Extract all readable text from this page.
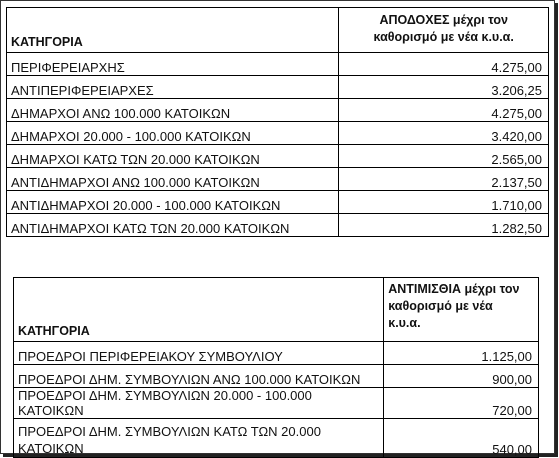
ΚΑΤΗΓΟΡΙΑ	ΑΠΟΔΟΧΕΣ μέχρι τον
καθορισμό με νέα κ.υ.α.

ΠΕΡΙΦΕΡΕΙΑΡΧΗΣ	4.275,00
ΑΝΤΙΠΕΡΙΦΕΡΕΙΑΡΧΕΣ	3.206,25
ΔΗΜΑΡΧΟΙ ΑΝΩ 100.000 ΚΑΤΟΙΚΩΝ	4.275,00
ΔΗΜΑΡΧΟΙ 20.000 - 100.000 ΚΑΤΟΙΚΩΝ	3.420,00
ΔΗΜΑΡΧΟΙ ΚΑΤΩ ΤΩΝ 20.000 ΚΑΤΟΙΚΩΝ	2.565,00
ΑΝΤΙΔΗΜΑΡΧΟΙ ΑΝΩ 100.000 ΚΑΤΟΙΚΩΝ	2.137,50
ΑΝΤΙΔΗΜΑΡΧΟΙ 20.000 - 100.000 ΚΑΤΟΙΚΩΝ	1.710,00
ΑΝΤΙΔΗΜΑΡΧΟΙ ΚΑΤΩ ΤΩΝ 20.000 ΚΑΤΟΙΚΩΝ	1.282,50
ΚΑΤΗΓΟΡΙΑ	ΑΝΤΙΜΙΣΘΙΑ μέχρι τον
καθορισμό με νέα
κ.υ.α.

ΠΡΟΕΔΡΟΙ ΠΕΡΙΦΕΡΕΙΑΚΟΥ ΣΥΜΒΟΥΛΙΟΥ	1.125,00
ΠΡΟΕΔΡΟΙ ΔΗΜ. ΣΥΜΒΟΥΛΙΩΝ ΑΝΩ 100.000 ΚΑΤΟΙΚΩΝ	900,00
ΠΡΟΕΔΡΟΙ ΔΗΜ. ΣΥΜΒΟΥΛΙΩΝ 20.000 - 100.000 ΚΑΤΟΙΚΩΝ	720,00

ΠΡΟΕΔΡΟΙ ΔΗΜ. ΣΥΜΒΟΥΛΙΩΝ ΚΑΤΩ ΤΩΝ 20.000
ΚΑΤΟΙΚΩΝ	540,00
